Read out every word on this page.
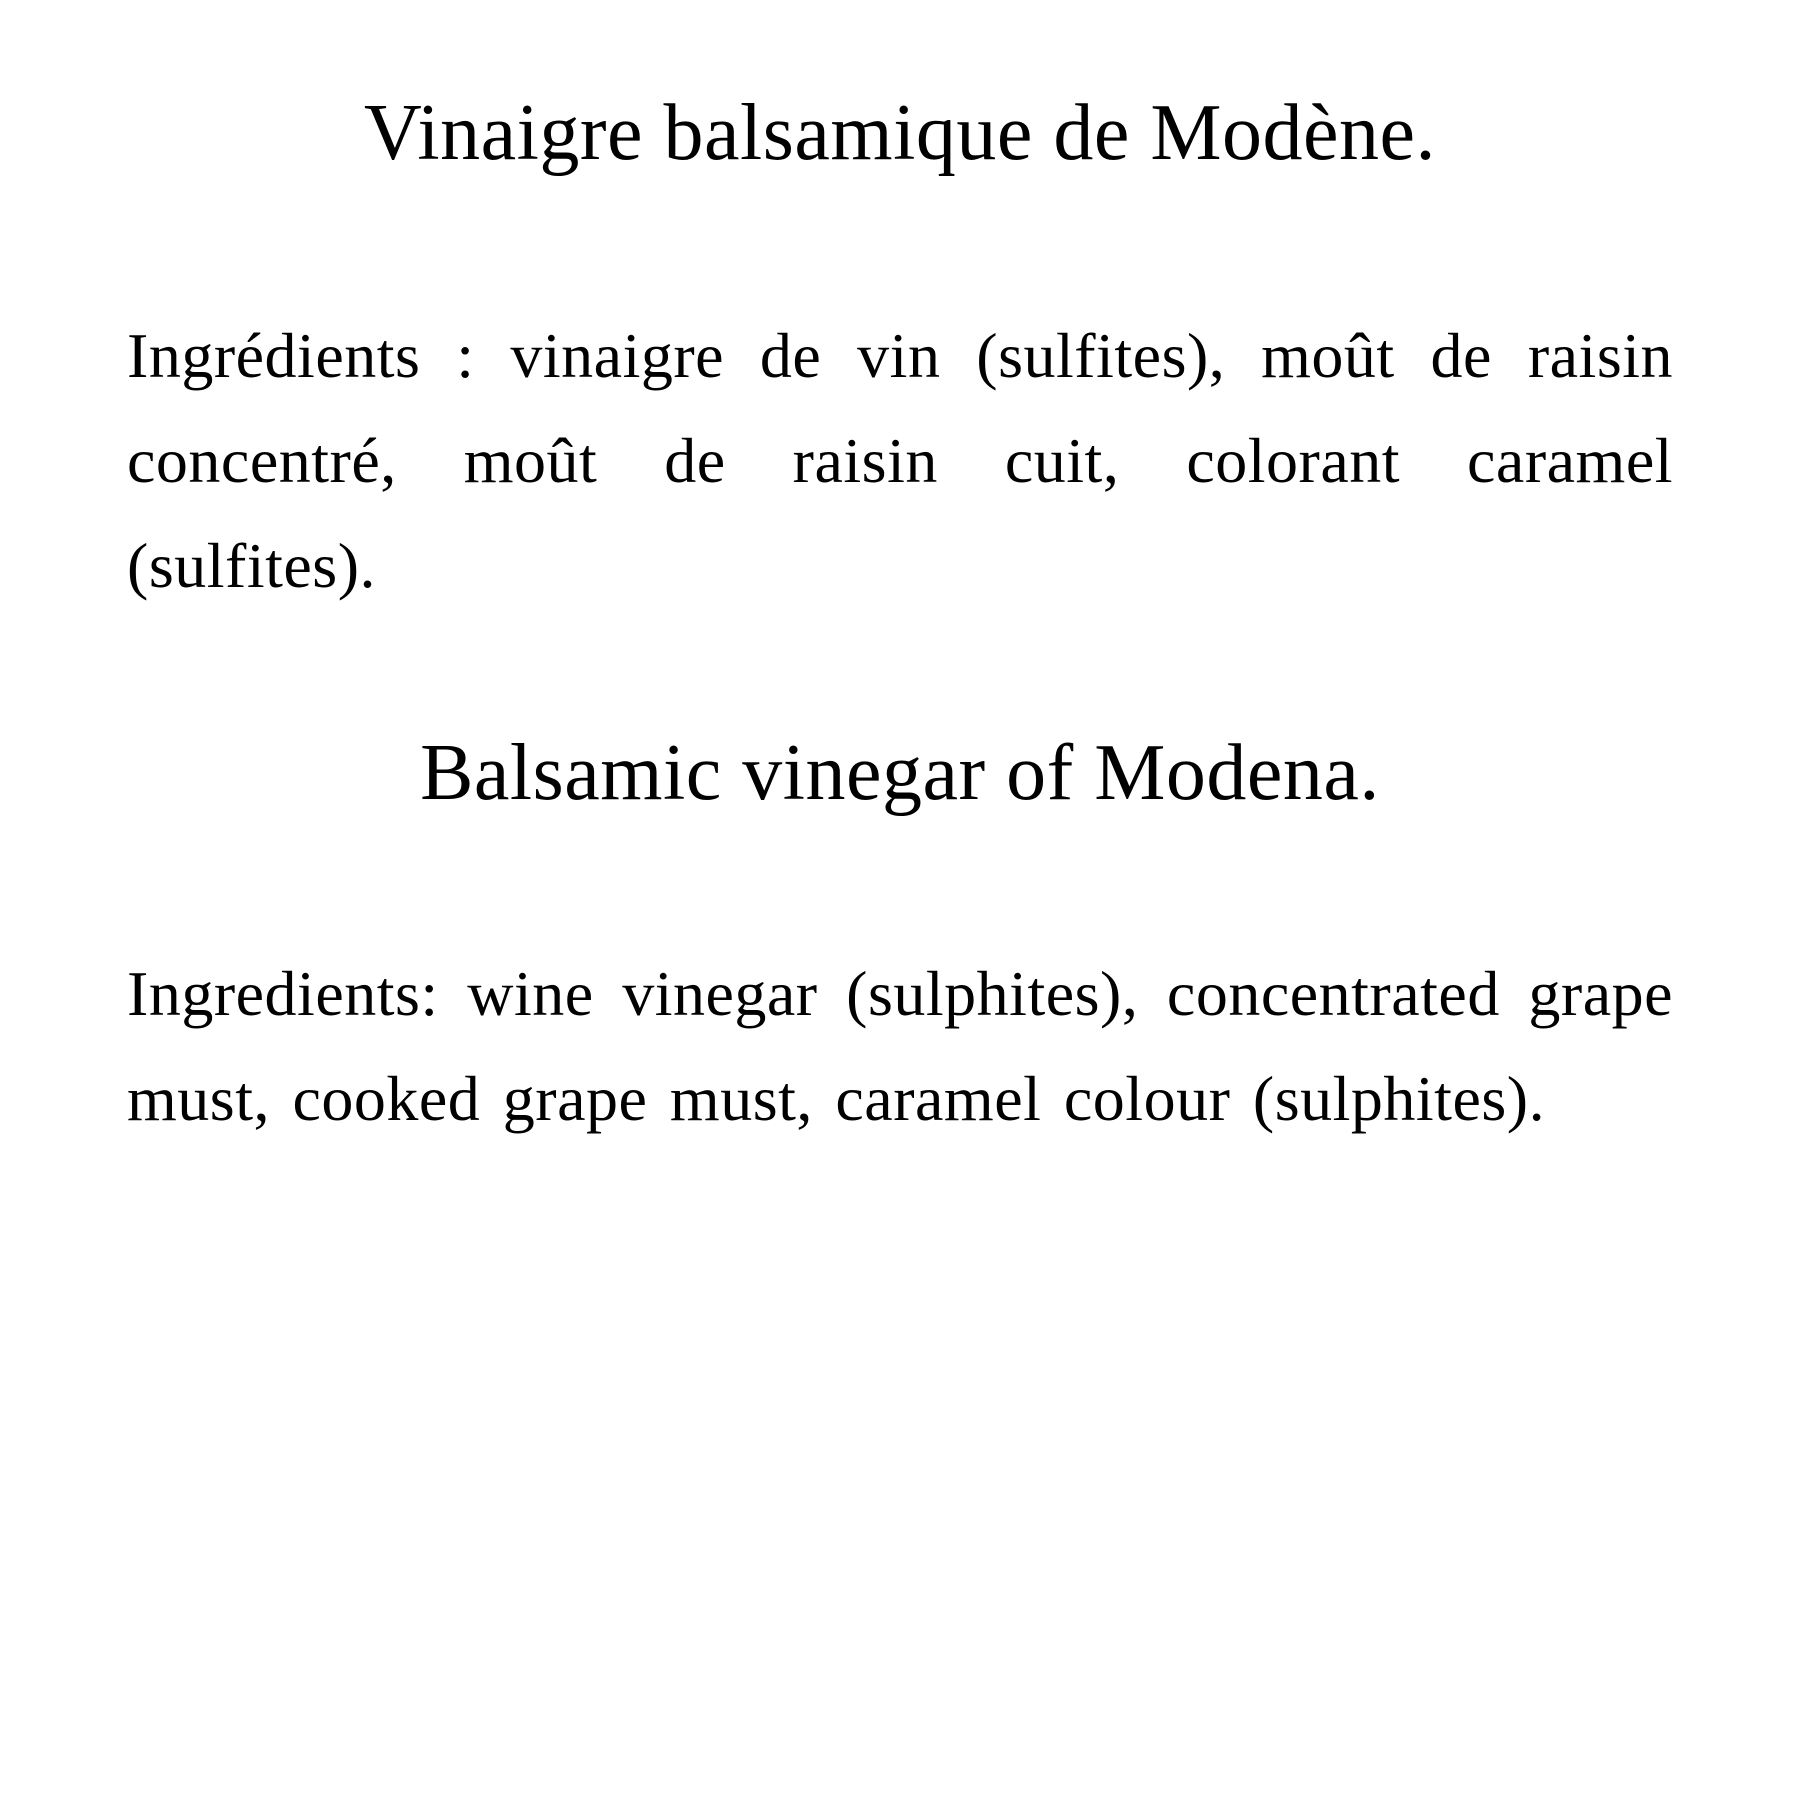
Vinaigre balsamique de Modène.

Ingrédients : vinaigre de vin (sulfites), moût de raisin concentré, moût de raisin cuit, colorant caramel (sulfites).

Balsamic vinegar of Modena.

Ingredients: wine vinegar (sulphites), concentrated grape must, cooked grape must, caramel colour (sulphites).
